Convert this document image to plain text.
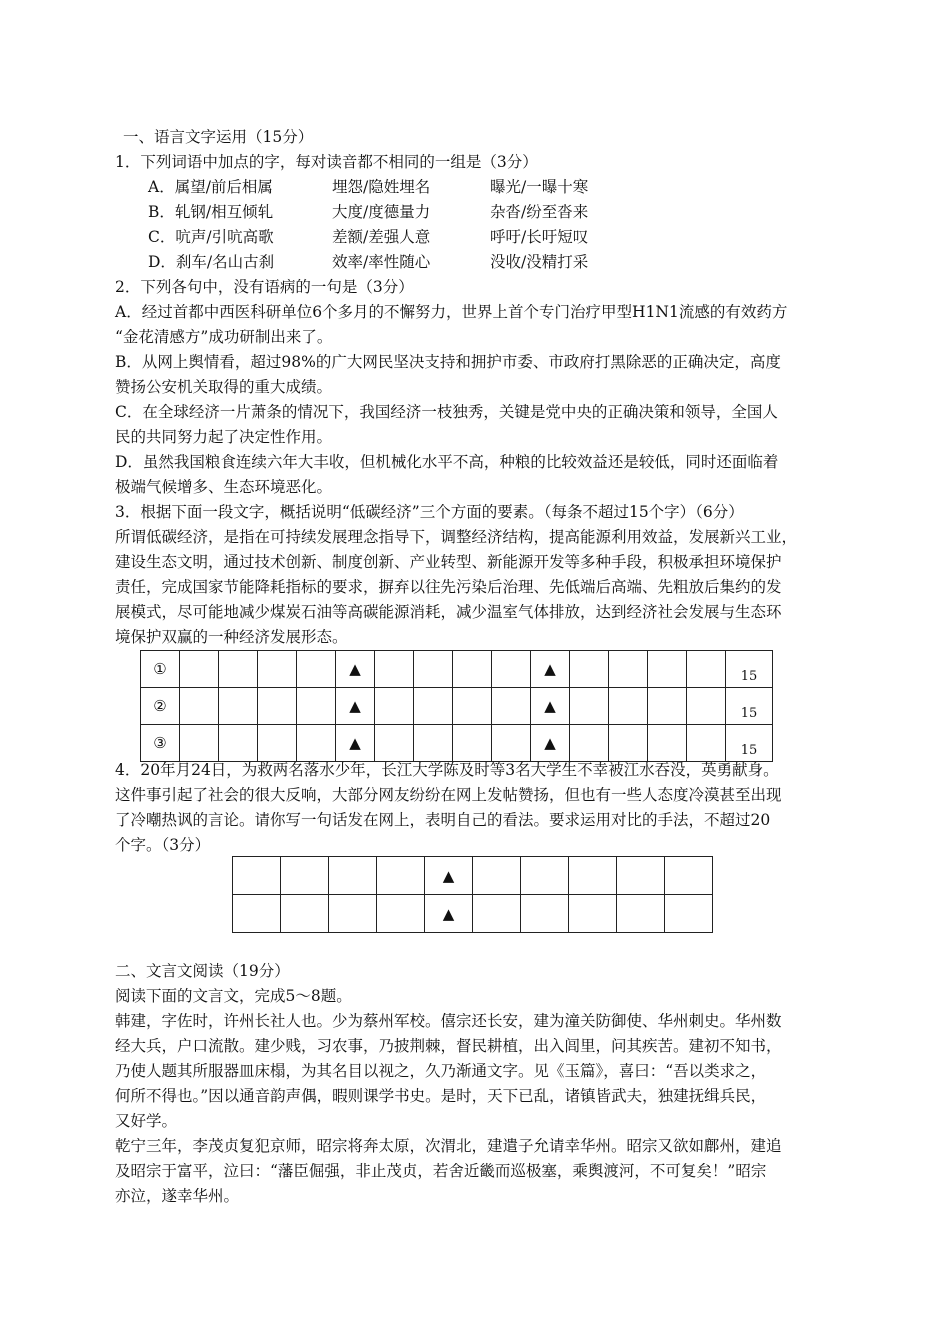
一、语言文字运用（15分）
1．下列词语中加点的字，每对读音都不相同的一组是（3分）
A．属望/前后相属	埋怨/隐姓埋名	曝光/一曝十寒
B．轧钢/相互倾轧	大度/度德量力	杂沓/纷至沓来
C．吭声/引吭高歌	差额/差强人意	呼吁/长吁短叹
D．刹车/名山古刹	效率/率性随心	没收/没精打采
2．下列各句中，没有语病的一句是（3分）
A．经过首都中西医科研单位6个多月的不懈努力，世界上首个专门治疗甲型H1N1流感的有效药方
“金花清感方”成功研制出来了。
B．从网上舆情看，超过98%的广大网民坚决支持和拥护市委、市政府打黑除恶的正确决定，高度
赞扬公安机关取得的重大成绩。
C．在全球经济一片萧条的情况下，我国经济一枝独秀，关键是党中央的正确决策和领导，全国人
民的共同努力起了决定性作用。
D．虽然我国粮食连续六年大丰收，但机械化水平不高，种粮的比较效益还是较低，同时还面临着
极端气候增多、生态环境恶化。
3．根据下面一段文字，概括说明“低碳经济”三个方面的要素。（每条不超过15个字）（6分）
所谓低碳经济，是指在可持续发展理念指导下，调整经济结构，提高能源利用效益，发展新兴工业，
建设生态文明，通过技术创新、制度创新、产业转型、新能源开发等多种手段，积极承担环境保护
责任，完成国家节能降耗指标的要求，摒弃以往先污染后治理、先低端后高端、先粗放后集约的发
展模式，尽可能地减少煤炭石油等高碳能源消耗，减少温室气体排放，达到经济社会发展与生态环
境保护双赢的一种经济发展形态。
①					▲					▲					15
②					▲					▲					15
③					▲					▲					15
4．20年月24日，为救两名落水少年，长江大学陈及时等3名大学生不幸被江水吞没，英勇献身。
这件事引起了社会的很大反响，大部分网友纷纷在网上发帖赞扬，但也有一些人态度冷漠甚至出现
了冷嘲热讽的言论。请你写一句话发在网上，表明自己的看法。要求运用对比的手法，不超过20
个字。（3分）
				▲					
				▲					
二、文言文阅读（19分）
阅读下面的文言文，完成5～8题。
韩建，字佐时，许州长社人也。少为蔡州军校。僖宗还长安，建为潼关防御使、华州刺史。华州数
经大兵，户口流散。建少贱，习农事，乃披荆棘，督民耕植，出入闾里，问其疾苦。建初不知书，
乃使人题其所服器皿床榻，为其名目以视之，久乃渐通文字。见《玉篇》，喜曰：“吾以类求之，
何所不得也。”因以通音韵声偶，暇则课学书史。是时，天下已乱，诸镇皆武夫，独建抚缉兵民，
又好学。
乾宁三年，李茂贞复犯京师，昭宗将奔太原，次渭北，建遣子允请幸华州。昭宗又欲如鄜州，建追
及昭宗于富平，泣曰：“藩臣倔强，非止茂贞，若舍近畿而巡极塞，乘舆渡河，不可复矣！”昭宗
亦泣，遂幸华州。
